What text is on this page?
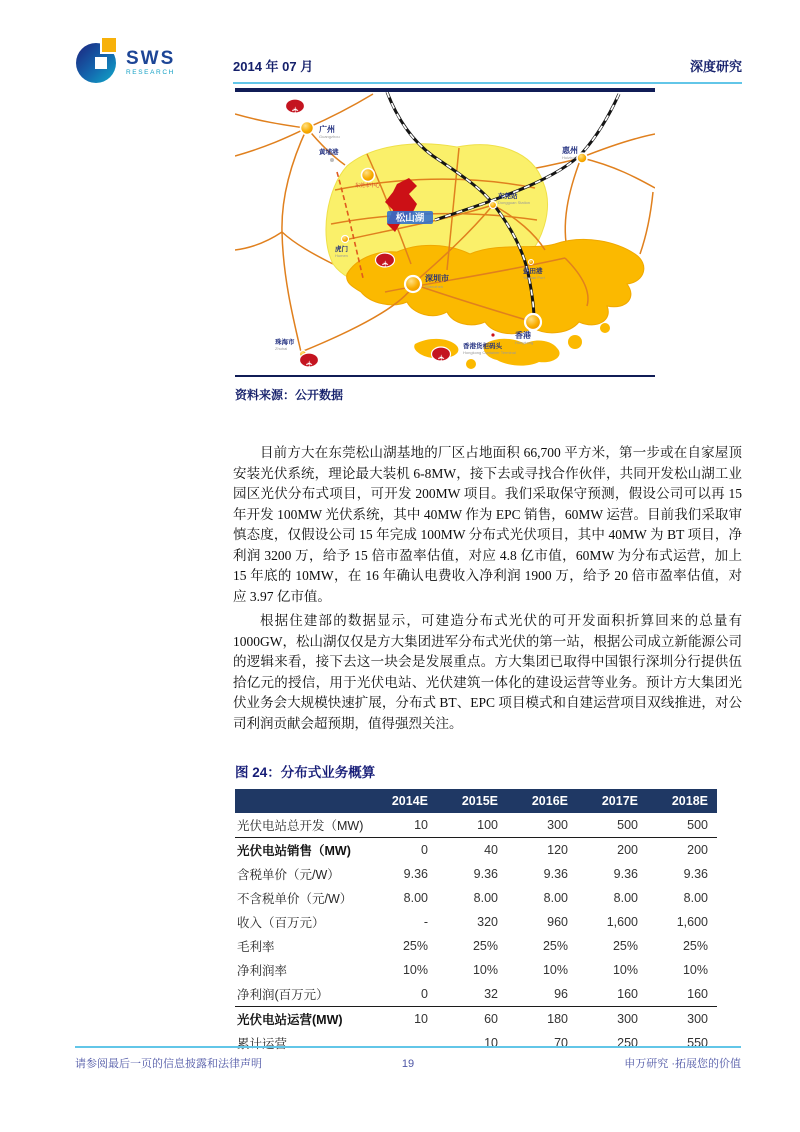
SWS
RESEARCH	2014 年 07 月	深度研究
松山湖
✈
✈
✈
✈
广州
Guangzhou
黄埔港	惠州
Huizhou
东莞市中心
东莞站
Dongguan Station
虎门
Humen
深圳市
Shenzhen
盐田港
Yantian Port
香港
Hongkong
珠海市
Zhuhai	香港货柜码头
Hongkong Container Terminal
资料来源：公开数据

目前方大在东莞松山湖基地的厂区占地面积 66,700 平方米，第一步或在自家屋顶安装光伏系统，理论最大装机 6-8MW，接下去或寻找合作伙伴，共同开发松山湖工业园区光伏分布式项目，可开发 200MW 项目。我们采取保守预测，假设公司可以再 15 年开发 100MW 光伏系统，其中 40MW 作为 EPC 销售，60MW 运营。目前我们采取审慎态度，仅假设公司 15 年完成 100MW 分布式光伏项目，其中 40MW 为 BT 项目，净利润 3200 万，给予 15 倍市盈率估值，对应 4.8 亿市值，60MW 为分布式运营，加上 15 年底的 10MW，在 16 年确认电费收入净利润 1900 万，给予 20 倍市盈率估值，对应 3.97 亿市值。

根据住建部的数据显示，可建造分布式光伏的可开发面积折算回来的总量有 1000GW，松山湖仅仅是方大集团进军分布式光伏的第一站，根据公司成立新能源公司的逻辑来看，接下去这一块会是发展重点。方大集团已取得中国银行深圳分行提供伍拾亿元的授信，用于光伏电站、光伏建筑一体化的建设运营等业务。预计方大集团光伏业务会大规模快速扩展，分布式 BT、EPC 项目模式和自建运营项目双线推进，对公司利润贡献会超预期，值得强烈关注。

图 24：分布式业务概算
	2014E	2015E	2016E	2017E	2018E
光伏电站总开发（MW)	10	100	300	500	500
光伏电站销售（MW)	0	40	120	200	200
含税单价（元/W）	9.36	9.36	9.36	9.36	9.36
不含税单价（元/W）	8.00	8.00	8.00	8.00	8.00
收入（百万元）	-	320	960	1,600	1,600
毛利率	25%	25%	25%	25%	25%
净利润率	10%	10%	10%	10%	10%
净利润(百万元）	0	32	96	160	160
光伏电站运营(MW)	10	60	180	300	300
累计运营		10	70	250	550
请参阅最后一页的信息披露和法律声明	19	申万研究 ·拓展您的价值
